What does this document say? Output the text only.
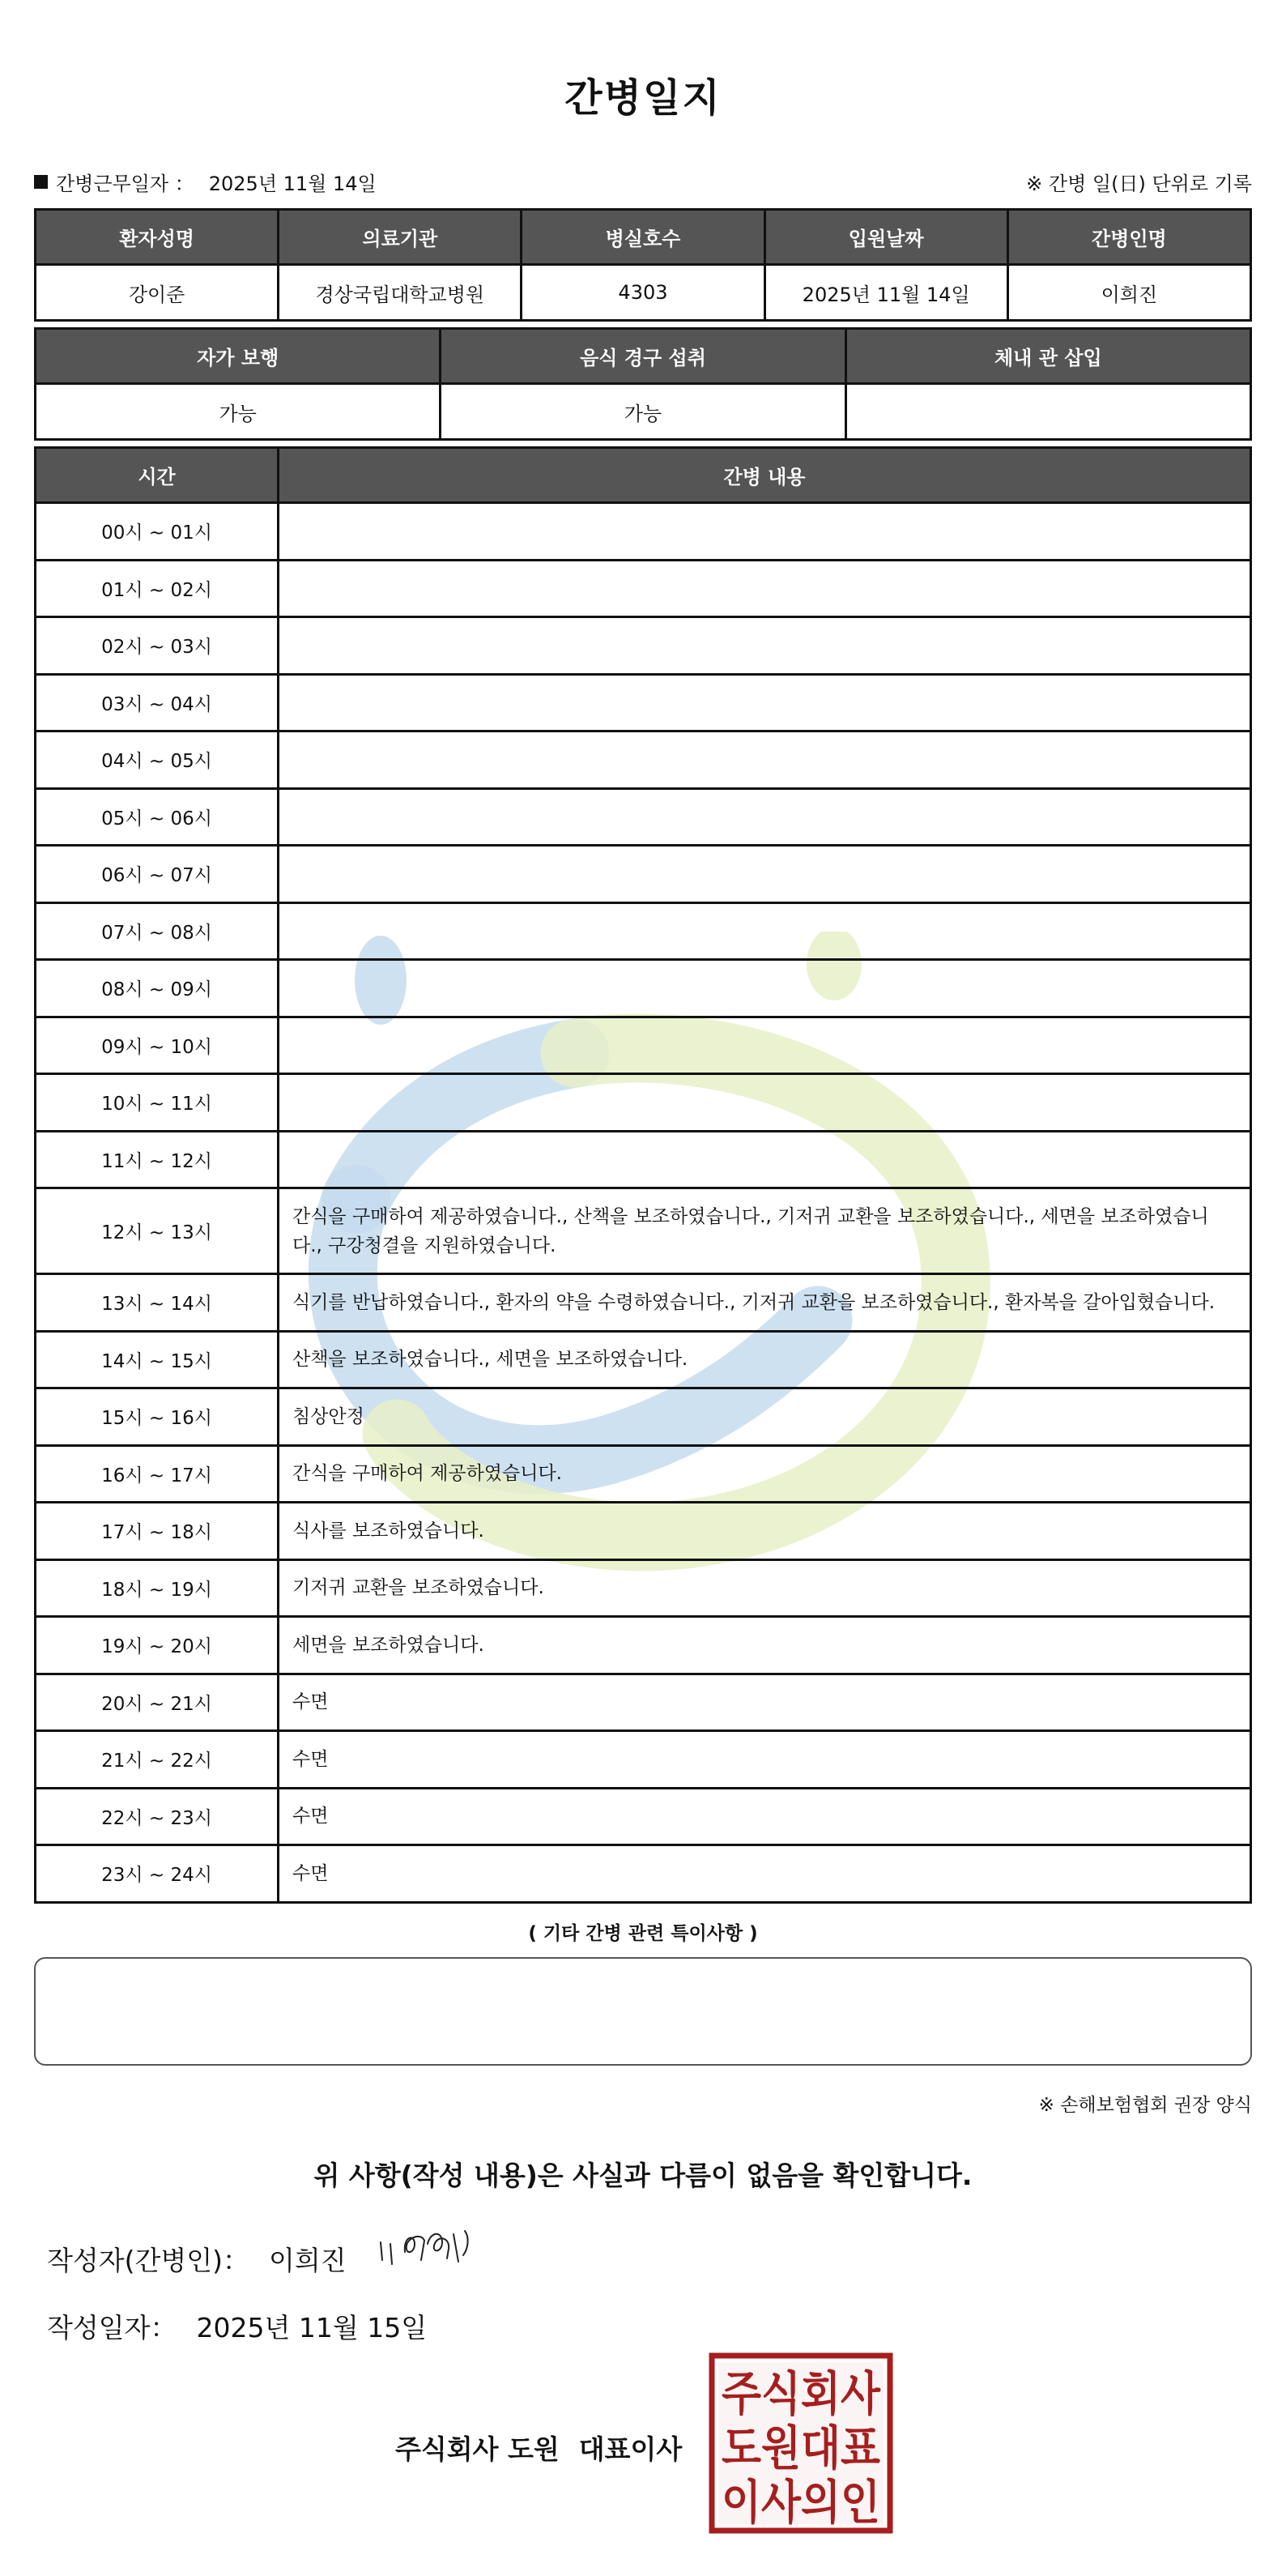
간병일지
간병근무일자 ： 2025년 11월 14일	※ 간병 일(日) 단위로 기록
환자성명	의료기관	병실호수	입원날짜	간병인명
강이준	경상국립대학교병원	4303	2025년 11월 14일	이희진
자가 보행	음식 경구 섭취	체내 관 삽입
가능	가능	
시간	간병 내용
00시 ~ 01시	
01시 ~ 02시	
02시 ~ 03시	
03시 ~ 04시	
04시 ~ 05시	
05시 ~ 06시	
06시 ~ 07시	
07시 ~ 08시	
08시 ~ 09시	
09시 ~ 10시	
10시 ~ 11시	
11시 ~ 12시	
12시 ~ 13시	간식을 구매하여 제공하였습니다., 산책을 보조하였습니다., 기저귀 교환을 보조하였습니다., 세면을 보조하였습니다., 구강청결을 지원하였습니다.
13시 ~ 14시	식기를 반납하였습니다., 환자의 약을 수령하였습니다., 기저귀 교환을 보조하였습니다., 환자복을 갈아입혔습니다.
14시 ~ 15시	산책을 보조하였습니다., 세면을 보조하였습니다.
15시 ~ 16시	침상안정
16시 ~ 17시	간식을 구매하여 제공하였습니다.
17시 ~ 18시	식사를 보조하였습니다.
18시 ~ 19시	기저귀 교환을 보조하였습니다.
19시 ~ 20시	세면을 보조하였습니다.
20시 ~ 21시	수면
21시 ~ 22시	수면
22시 ~ 23시	수면
23시 ~ 24시	수면
( 기타 간병 관련 특이사항 )
※ 손해보험협회 권장 양식
위 사항(작성 내용)은 사실과 다름이 없음을 확인합니다.
작성자(간병인)： 이희진
작성일자： 2025년 11월 15일
주식회사 도원 대표이사
주식회사
도원대표
이사의인
